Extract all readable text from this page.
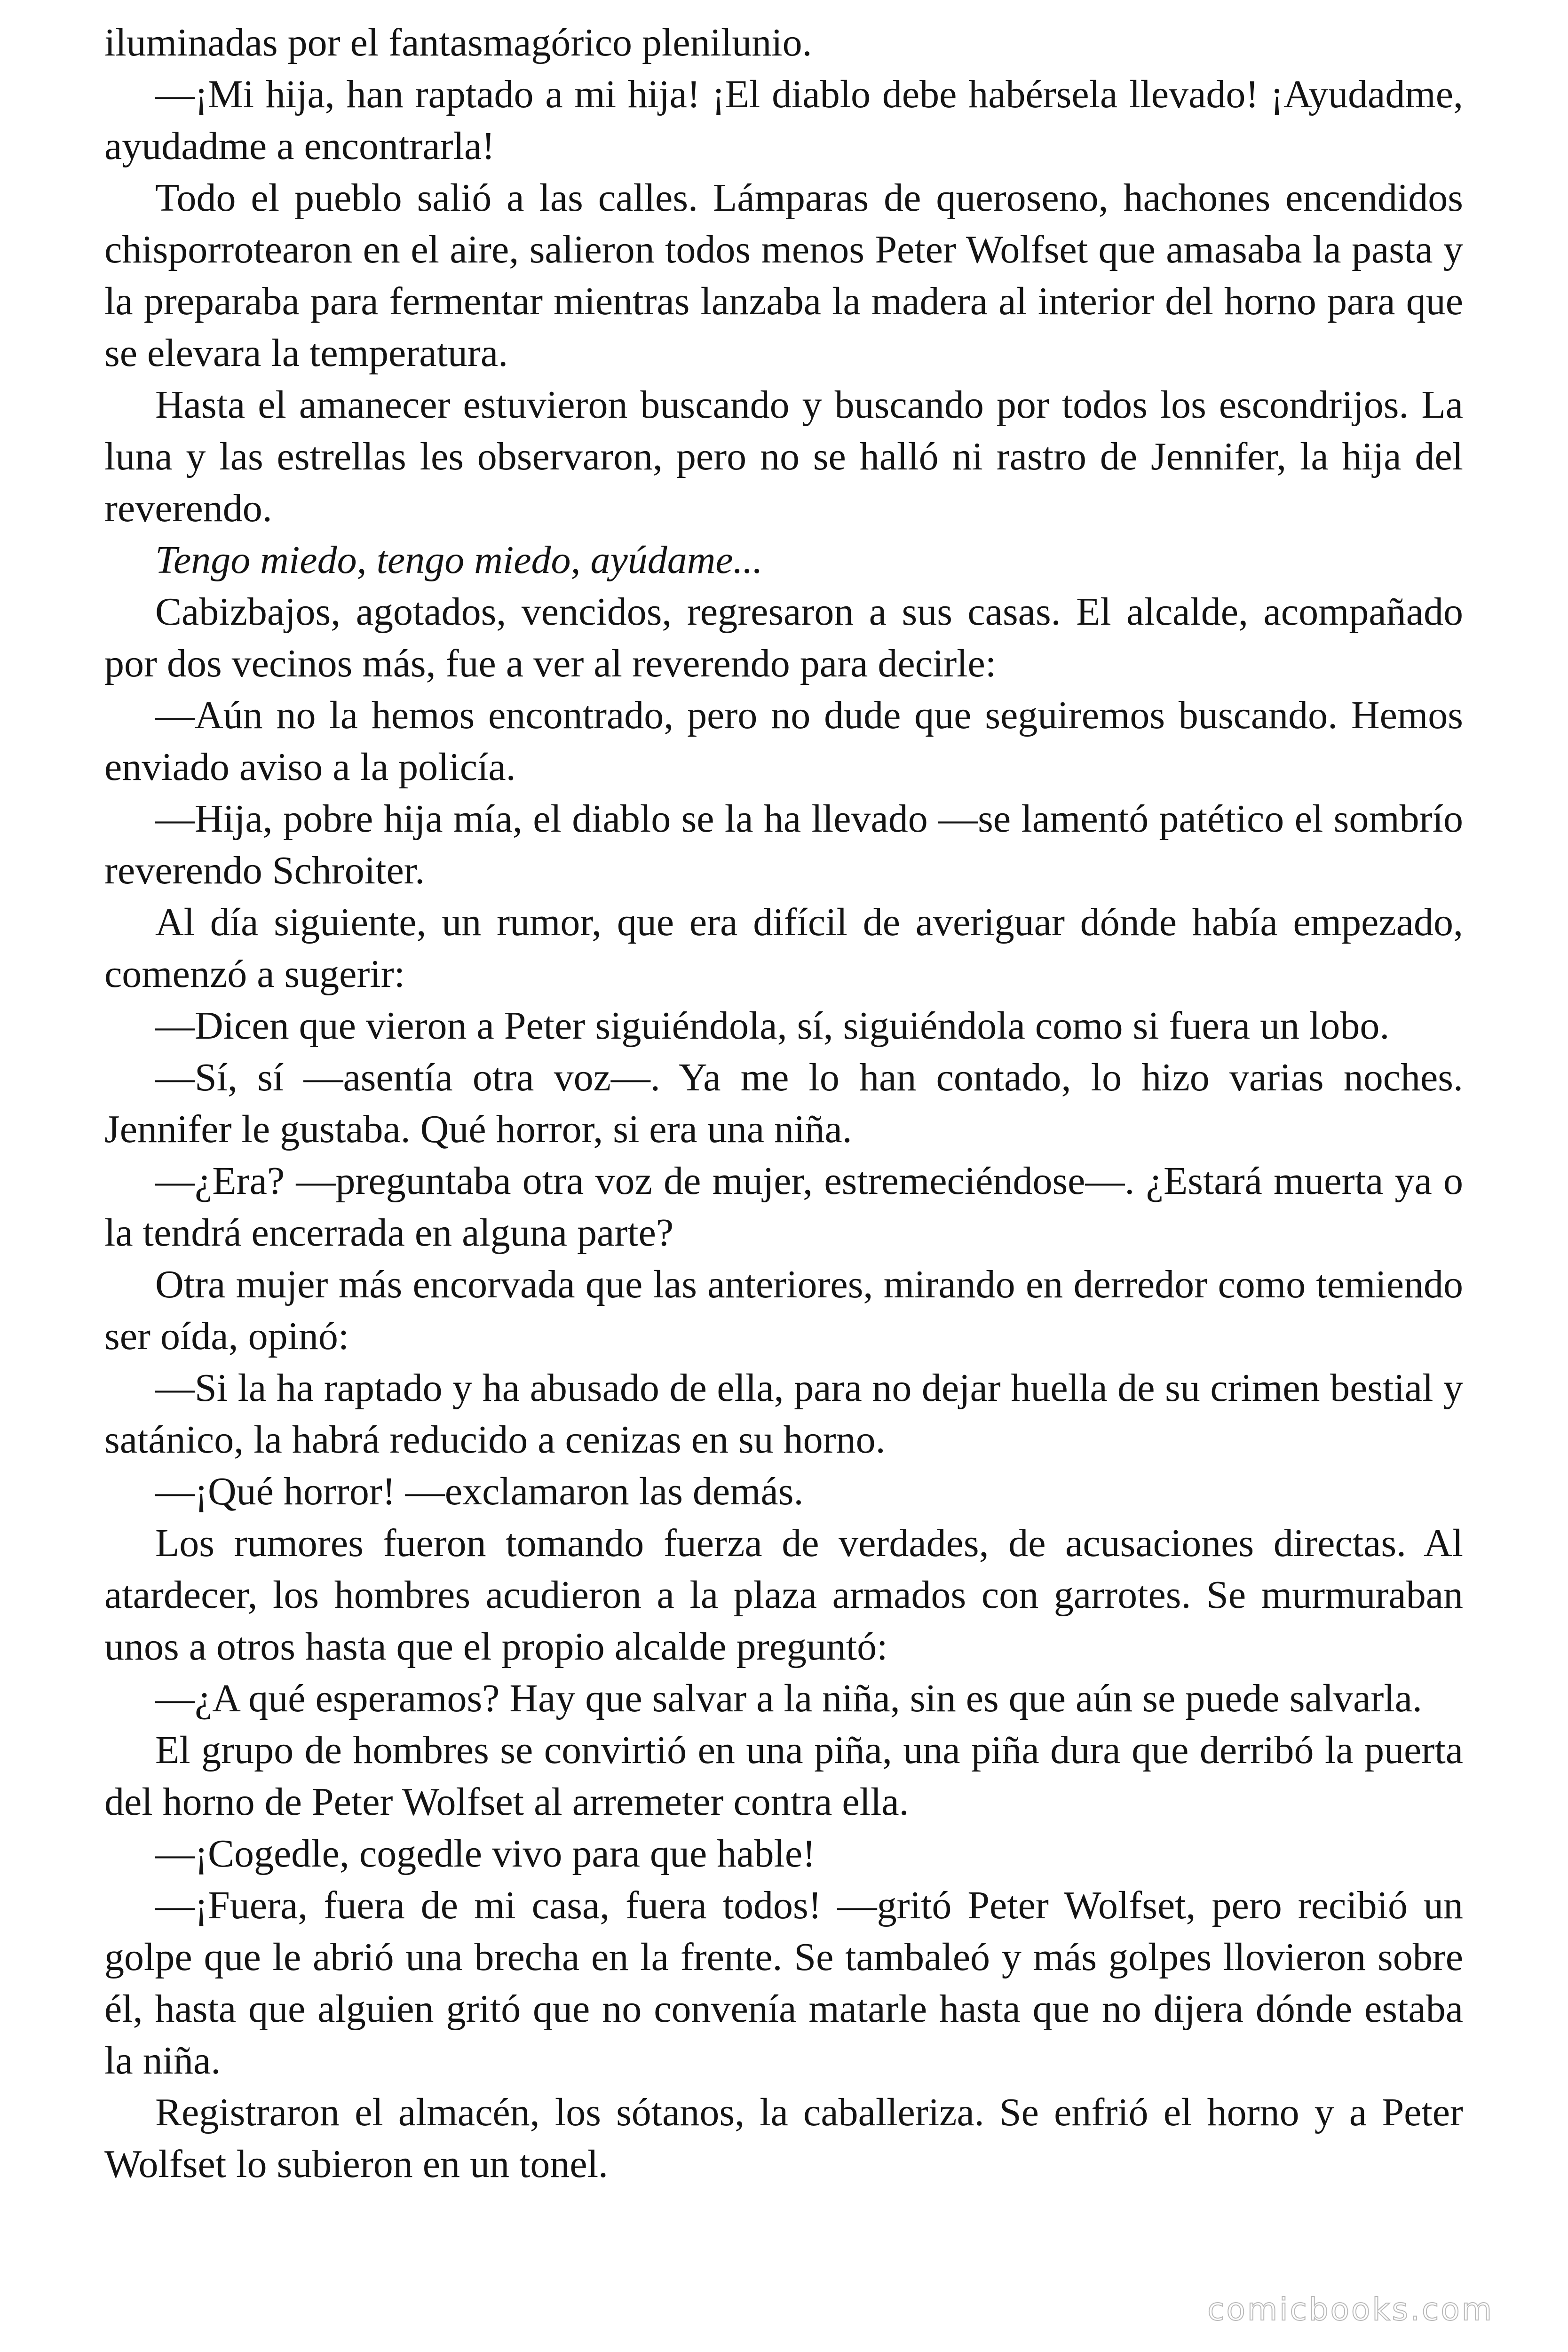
iluminadas por el fantasmagórico plenilunio.

—¡Mi hija, han raptado a mi hija! ¡El diablo debe habérsela llevado! ¡Ayudadme, ayudadme a encontrarla!

Todo el pueblo salió a las calles. Lámparas de queroseno, hachones encendidos chisporrotearon en el aire, salieron todos menos Peter Wolfset que amasaba la pasta y la preparaba para fermentar mientras lanzaba la madera al interior del horno para que se elevara la temperatura.

Hasta el amanecer estuvieron buscando y buscando por todos los escondrijos. La luna y las estrellas les observaron, pero no se halló ni rastro de Jennifer, la hija del reverendo.

Tengo miedo, tengo miedo, ayúdame...

Cabizbajos, agotados, vencidos, regresaron a sus casas. El alcalde, acompañado por dos vecinos más, fue a ver al reverendo para decirle:

—Aún no la hemos encontrado, pero no dude que seguiremos buscando. Hemos enviado aviso a la policía.

—Hija, pobre hija mía, el diablo se la ha llevado —se lamentó patético el sombrío reverendo Schroiter.

Al día siguiente, un rumor, que era difícil de averiguar dónde había empezado, comenzó a sugerir:

—Dicen que vieron a Peter siguiéndola, sí, siguiéndola como si fuera un lobo.

—Sí, sí —asentía otra voz—. Ya me lo han contado, lo hizo varias noches. Jennifer le gustaba. Qué horror, si era una niña.

—¿Era? —preguntaba otra voz de mujer, estremeciéndose—. ¿Estará muerta ya o la tendrá encerrada en alguna parte?

Otra mujer más encorvada que las anteriores, mirando en derredor como temiendo ser oída, opinó:

—Si la ha raptado y ha abusado de ella, para no dejar huella de su crimen bestial y satánico, la habrá reducido a cenizas en su horno.

—¡Qué horror! —exclamaron las demás.

Los rumores fueron tomando fuerza de verdades, de acusaciones directas. Al atardecer, los hombres acudieron a la plaza armados con garrotes. Se murmuraban unos a otros hasta que el propio alcalde preguntó:

—¿A qué esperamos? Hay que salvar a la niña, sin es que aún se puede salvarla.

El grupo de hombres se convirtió en una piña, una piña dura que derribó la puerta del horno de Peter Wolfset al arremeter contra ella.

—¡Cogedle, cogedle vivo para que hable!

—¡Fuera, fuera de mi casa, fuera todos! —gritó Peter Wolfset, pero recibió un golpe que le abrió una brecha en la frente. Se tambaleó y más golpes llovieron sobre él, hasta que alguien gritó que no convenía matarle hasta que no dijera dónde estaba la niña.

Registraron el almacén, los sótanos, la caballeriza. Se enfrió el horno y a Peter Wolfset lo subieron en un tonel.

comicbooks.com
